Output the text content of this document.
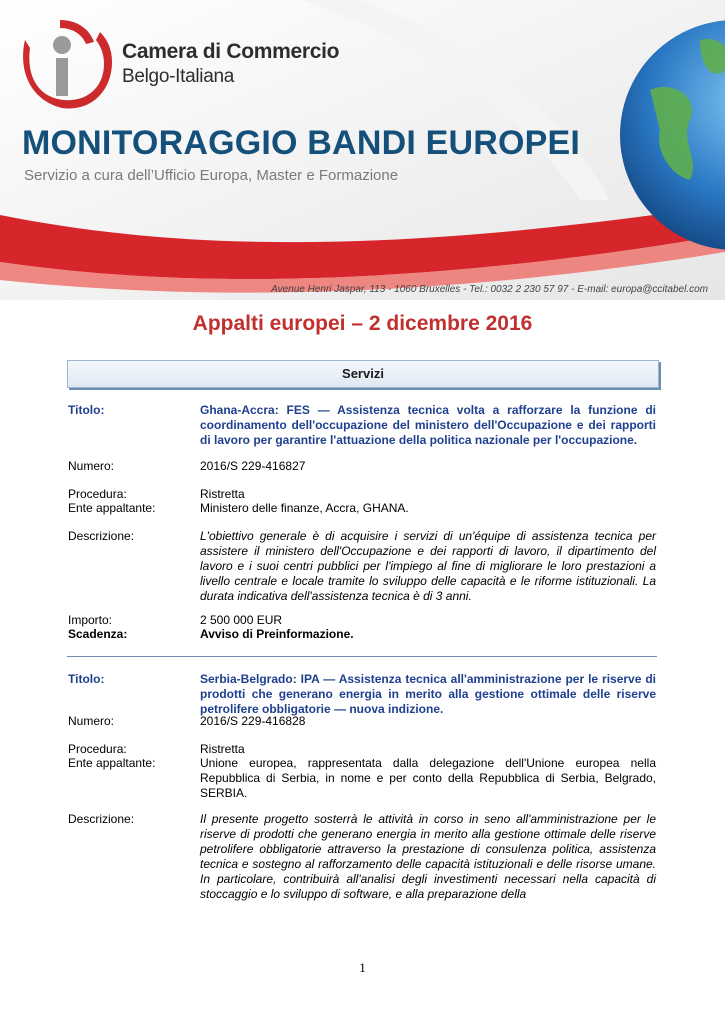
Camera di Commercio
Belgo-Italiana
MONITORAGGIO BANDI EUROPEI
Servizio a cura dell’Ufficio Europa, Master e Formazione
Avenue Henri Jaspar, 113 - 1060 Bruxelles - Tel.: 0032 2 230 57 97 - E-mail: europa@ccitabel.com
Appalti europei – 2 dicembre 2016
Servizi
Titolo:	Ghana-Accra: FES — Assistenza tecnica volta a rafforzare la funzione di coordinamento dell'occupazione del ministero dell'Occupazione e dei rapporti di lavoro per garantire l'attuazione della politica nazionale per l'occupazione.
Numero:	2016/S 229-416827
Procedura:	Ristretta
Ente appaltante:	Ministero delle finanze, Accra, GHANA.
Descrizione:	L'obiettivo generale è di acquisire i servizi di un'équipe di assistenza tecnica per assistere il ministero dell'Occupazione e dei rapporti di lavoro, il dipartimento del lavoro e i suoi centri pubblici per l'impiego al fine di migliorare le loro prestazioni a livello centrale e locale tramite lo sviluppo delle capacità e le riforme istituzionali. La durata indicativa dell'assistenza tecnica è di 3 anni.
Importo:	2 500 000 EUR
Scadenza:	Avviso di Preinformazione.
Titolo:	Serbia-Belgrado: IPA — Assistenza tecnica all'amministrazione per le riserve di prodotti che generano energia in merito alla gestione ottimale delle riserve petrolifere obbligatorie — nuova indizione.
Numero:	2016/S 229-416828
Procedura:	Ristretta
Ente appaltante:	Unione europea, rappresentata dalla delegazione dell'Unione europea nella Repubblica di Serbia, in nome e per conto della Repubblica di Serbia, Belgrado, SERBIA.
Descrizione:	Il presente progetto sosterrà le attività in corso in seno all'amministrazione per le riserve di prodotti che generano energia in merito alla gestione ottimale delle riserve petrolifere obbligatorie attraverso la prestazione di consulenza politica, assistenza tecnica e sostegno al rafforzamento delle capacità istituzionali e delle risorse umane. In particolare, contribuirà all'analisi degli investimenti necessari nella capacità di stoccaggio e lo sviluppo di software, e alla preparazione della
1
